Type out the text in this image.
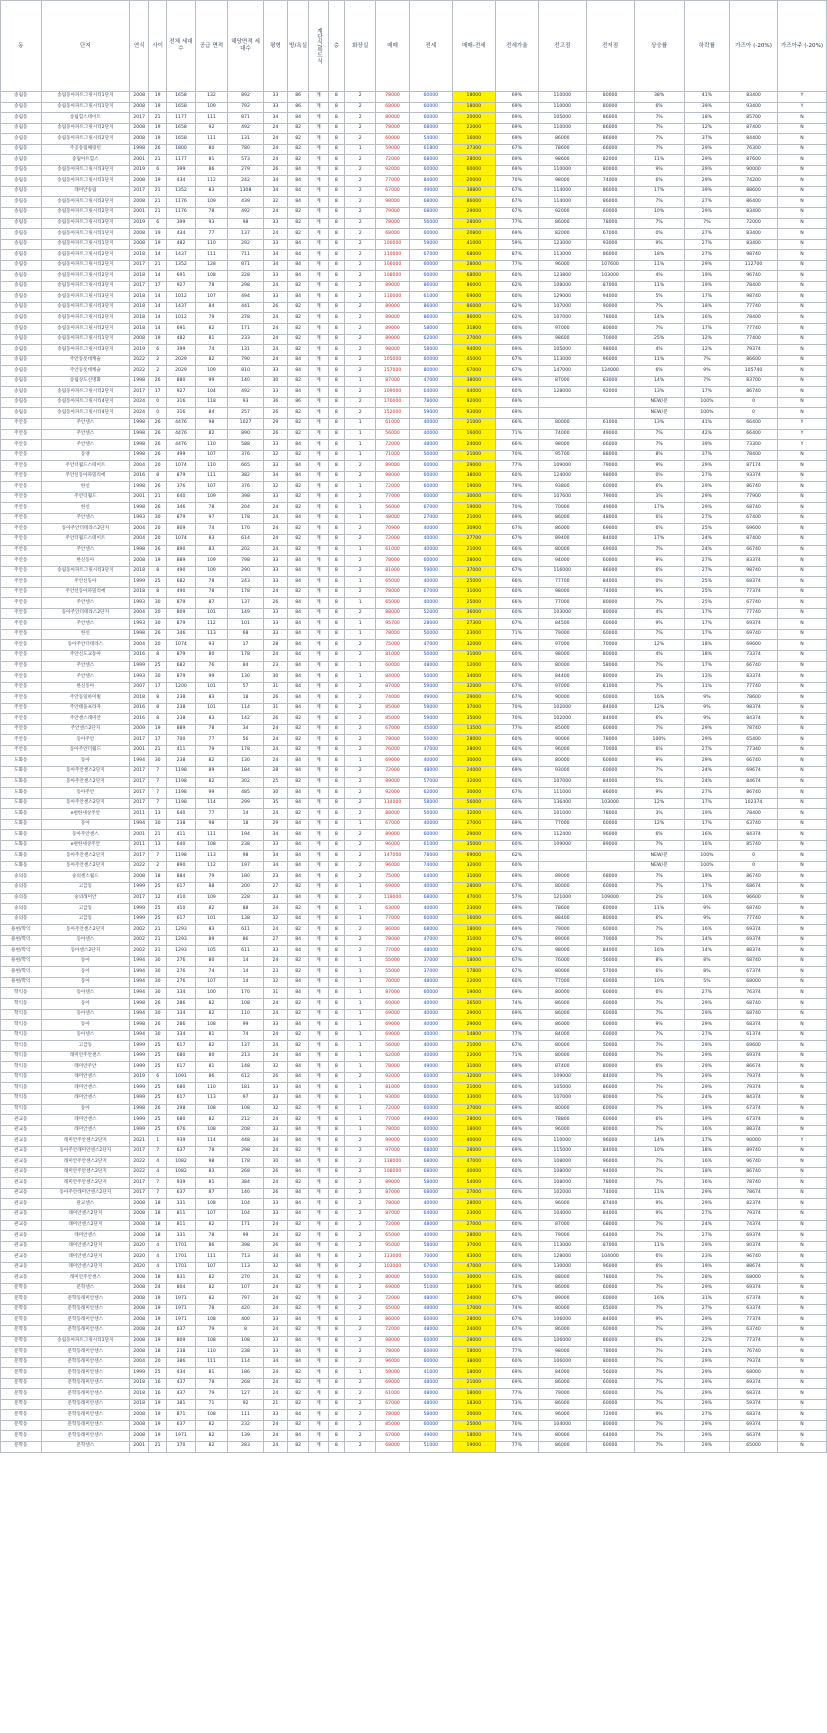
동	단지	연식	사이	전체 세대수	공급 면적	해당면적 세대수	평형	방/욕실	계단식/복도식	층	화장실	매매	전세	매매-전세	전세가율	전고점	전저점	상승률	하락률	가즈아 (-20%)	가즈아주 (-20%)
송림동	송림동아파트그릿시티1단지	2008	19	1658	132	892	33	86	계	8	2	78000	60000	18000	69%	110000	80000	38%	41%	83400	Y
송림동	송림동아파트그릿시티1단지	2008	19	1658	109	792	33	86	계	8	2	68000	60000	18000	69%	110000	80000	6%	39%	93400	Y
송림동	송림힐스테이트	2017	21	1177	111	871	34	84	계	8	2	80000	60000	20000	69%	105000	86000	7%	18%	85700	N
송림동	송림동아파트그릿시티2단지	2008	19	1658	92	492	24	82	계	8	2	78000	68000	22000	69%	110000	86000	7%	12%	87400	N
송림동	송림동아파트그릿시티2단지	2008	19	1658	111	131	24	82	계	8	2	60000	54000	16000	69%	86000	86000	7%	37%	84400	N
송림동	주공송림해링턴	1998	26	1800	80	780	24	82	계	8	1	59000	61800	27300	67%	78600	66000	7%	29%	76300	N
송림동	송림아트힐스	2001	21	1177	81	573	24	82	계	8	2	72000	68000	28000	69%	98600	82000	11%	29%	87600	N
송림동	송림동아파트그릿시티3단지	2019	6	399	86	279	26	84	계	8	2	92000	60000	60000	69%	110000	80000	9%	29%	90000	N
송림동	송림동아파트그릿시티1단지	2008	19	434	112	242	34	84	계	8	2	77000	84000	20000	70%	98000	74000	6%	29%	74200	N
송림동	래미안송림	2017	21	1352	83	1308	34	84	계	8	2	67000	49000	38800	67%	114000	86000	17%	39%	88600	N
송림동	송림동아파트그릿시티2단지	2008	21	1176	109	439	32	84	계	8	2	98000	68000	86000	67%	114000	86000	7%	27%	86400	N
송림동	송림동아파트그릿시티2단지	2001	21	1176	78	492	24	82	계	8	2	79000	68000	29000	67%	92000	60000	10%	29%	83400	N
송림동	송림동아파트그릿시티3단지	2019	6	399	93	98	33	82	계	8	2	78000	56000	28000	77%	86000	78000	7%	7%	72000	N
송림동	송림동아파트그릿시티1단지	2008	19	434	77	137	24	82	계	8	2	68000	60000	20800	69%	82000	67000	0%	27%	83400	N
송림동	송림동아파트그릿시티1단지	2008	19	482	110	292	33	84	계	8	2	100000	59000	41000	59%	123000	93000	9%	27%	83400	N
송림동	송림동아파트그릿시티2단지	2018	14	1437	111	711	34	84	계	8	2	110000	67000	68000	87%	113000	86000	18%	27%	98740	N
송림동	송림동아파트그릿시티2단지	2017	21	1352	128	871	34	84	계	8	2	106000	60000	28000	77%	96000	107600	11%	29%	112700	N
송림동	송림동아파트그릿시티2단지	2018	14	691	108	228	33	84	계	8	2	108000	60000	68000	60%	123800	103000	4%	19%	96740	N
송림동	송림동아파트그릿시티3단지	2017	17	927	78	298	24	82	계	8	2	89000	86000	86000	62%	108000	87000	11%	19%	78400	N
송림동	송림동아파트그릿시티3단지	2018	14	1012	107	494	33	84	계	8	2	110000	61000	69000	60%	129000	94000	5%	17%	98740	N
송림동	송림동아파트그릿시티3단지	2018	14	1437	84	441	26	82	계	8	2	89000	86000	86000	62%	107000	90000	7%	18%	77740	N
송림동	송림동아파트그릿시티2단지	2018	14	1012	79	278	24	82	계	8	2	89000	86000	86000	62%	107000	78000	14%	16%	78400	N
송림동	송림동아파트그릿시티2단지	2018	14	691	82	171	24	82	계	8	2	89000	58000	31800	60%	97000	80000	7%	17%	77740	N
송림동	송림동아파트그릿시티1단지	2008	19	482	81	233	24	82	계	8	2	89000	62000	27000	69%	98600	70000	25%	12%	77400	N
송림동	송림동아파트그릿시티3단지	2019	6	399	74	131	24	82	계	8	2	98000	58000	94000	69%	105000	98000	4%	12%	79374	N
송림동	주안동롯데캐슬	2022	2	2029	82	790	24	84	계	8	2	105000	60000	45000	67%	113000	96000	11%	7%	86600	N
송림동	주안동롯데캐슬	2022	2	2029	109	810	33	84	계	8	2	157000	80000	67000	67%	147000	124000	6%	9%	105740	N
송림동	송림상도신명화	1998	26	880	99	140	30	82	계	8	1	87000	47000	38000	69%	87000	83000	14%	7%	83700	N
송림동	송림동아파트그릿시티2단지	2017	17	927	104	492	33	84	계	8	2	109000	64000	44000	60%	128000	92000	13%	17%	86740	N
송림동	송림동아파트그릿시티4단지	2024	0	316	118	93	36	86	계	8	2	170000	78000	92000	69%			NEW/분	100%	0	N
송림동	송림동아파트그릿시티4단지	2024	0	316	84	257	26	82	계	8	2	152000	59000	93000	69%			NEW/분	100%	0	N
주안동	주안센스	1998	26	4476	98	1027	29	82	계	8	1	61000	40000	21000	66%	80000	61000	13%	41%	66400	Y
주안동	주안센스	1998	26	4476	82	890	26	82	계	8	1	56000	40000	16000	71%	74000	49000	7%	42%	66400	Y
주안동	주안센스	1998	26	4476	110	588	33	84	계	8	1	72000	48000	24000	66%	98000	66000	7%	39%	73300	Y
주안동	동양	1998	26	499	107	376	32	82	계	8	1	71000	50000	21000	70%	95700	88000	8%	37%	78400	N
주안동	주안더월드스테이트	2004	20	1074	110	665	33	84	계	8	2	89000	60000	29000	77%	109000	79000	9%	29%	87174	N
주안동	주안신동아파밀리에	2016	8	879	111	382	34	84	계	8	2	98000	60000	38000	60%	124000	98000	0%	27%	93374	N
주안동	한신	1998	26	376	107	376	32	82	계	8	1	72000	60000	19000	79%	93800	60000	6%	29%	86740	N
주안동	주안더월드	2001	21	640	109	398	33	82	계	8	2	77000	60000	30000	60%	107600	79000	3%	29%	77900	N
주안동	한신	1998	26	346	78	204	24	82	계	8	1	56000	67000	19000	70%	70000	49000	17%	29%	68740	N
주안동	주안센스	1993	30	879	97	178	24	84	계	8	1	48000	27000	21000	69%	86000	48000	6%	27%	67400	N
주안동	동아주안더테라스2단지	2004	20	809	74	170	24	82	계	8	2	70900	40000	30900	67%	86000	69000	6%	25%	69600	N
주안동	주안더월드스테이트	2004	20	1074	83	614	24	82	계	8	2	72000	40000	27700	67%	89400	84000	17%	24%	87400	N
주안동	주안센스	1998	26	890	83	202	24	82	계	8	1	61000	40000	21000	66%	80000	69000	7%	24%	66740	N
주안동	한신동아	2008	19	889	109	798	33	84	계	8	2	78000	60000	28000	60%	94000	60000	9%	27%	83374	N
주안동	송림동아파트그릿시티3단지	2018	8	490	109	290	33	84	계	8	2	81000	59000	37000	67%	116000	86000	6%	27%	98740	N
주안동	주안신동아	1999	25	682	78	243	33	84	계	8	1	65000	40000	25000	66%	77700	84000	0%	25%	68374	N
주안동	주안신동아파밀리에	2018	8	490	78	178	24	82	계	8	2	78000	67000	31000	60%	98000	74000	9%	25%	77374	N
주안동	주안센스	1993	30	879	87	137	26	84	계	8	1	65000	40000	25000	66%	77000	80000	7%	25%	67740	N
주안동	동아주안더테라스2단지	2004	20	809	101	149	33	84	계	8	2	88000	52000	36000	60%	103000	80000	4%	17%	77740	N
주안동	주안센스	1993	30	879	112	101	33	84	계	8	1	95700	28000	27300	67%	84500	60000	9%	17%	69374	N
주안동	한신	1998	26	346	113	68	33	84	계	8	1	78000	50000	23000	71%	79000	60000	7%	17%	69740	N
주안동	동아주안더테라스	2004	20	1074	93	17	28	84	계	8	2	75000	47000	32000	69%	97000	70000	12%	18%	69600	N
주안동	주안신도교동아	2016	8	879	80	178	24	84	계	8	2	81000	50000	31000	60%	98000	80000	4%	18%	73374	N
주안동	주안센스	1999	25	682	76	84	23	84	계	8	1	60000	48000	12000	60%	80000	58000	7%	17%	66740	N
주안동	주안센스	1993	30	879	99	130	30	84	계	8	1	84000	50000	34000	60%	84400	80000	3%	13%	83374	N
주안동	한신동아	2007	17	1200	101	57	31	84	계	8	2	87000	59000	32000	67%	97000	81000	7%	11%	77740	N
주안동	주안동일하이빌	2018	8	238	83	18	26	84	계	8	2	74000	49000	29000	67%	90000	60000	16%	9%	78600	N
주안동	주안태을프라자	2016	8	238	101	114	31	84	계	8	2	85000	59000	37000	70%	102000	84000	12%	9%	98374	N
주안동	주안센스래미안	2016	8	238	83	142	26	82	계	8	2	85000	59000	35000	70%	102000	84000	6%	9%	84374	N
주안동	주안센스2단지	2009	19	889	78	34	24	82	계	8	2	67000	45000	13500	77%	85000	60000	7%	29%	78740	N
주안동	동아주안	2017	17	700	77	56	24	82	계	8	2	78000	50000	28000	60%	90000	78000	100%	29%	65400	N
주안동	동아주안더월드	2001	21	411	79	178	24	82	계	8	2	76000	47000	28000	60%	96000	70000	6%	27%	77340	N
도화동	동아	1994	30	238	82	130	24	84	계	8	1	69000	40000	30000	69%	80000	60000	9%	29%	66740	N
도화동	동아주안센스2단지	2017	7	1198	89	184	28	84	계	8	2	72000	48000	24000	69%	93000	60000	7%	24%	69674	N
도화동	동아주안센스2단지	2017	7	1198	82	302	25	82	계	8	2	89000	57000	32000	60%	107000	84000	5%	24%	84674	N
도화동	동아주안	2017	7	1198	99	485	30	84	계	8	2	92000	62000	30000	67%	111000	86000	9%	27%	86740	N
도화동	동아주안센스2단지	2017	7	1198	114	299	35	84	계	8	2	114000	58000	56000	60%	136400	103000	12%	17%	102374	N
도화동	e편한세상주안	2011	13	640	77	14	24	82	계	8	2	88000	50000	32000	60%	101000	78000	3%	19%	78400	N
도화동	동아	1994	30	238	98	18	29	84	계	8	1	67000	40000	27000	69%	77000	60000	12%	17%	63740	N
도화동	동아주안센스	2001	21	411	111	194	34	84	계	8	2	89000	60000	29000	60%	112400	96000	6%	16%	84374	N
도화동	e편한세상주안	2011	13	640	108	238	33	84	계	8	2	96000	61000	35000	60%	109000	89000	7%	16%	85740	N
도화동	동아주안센스2단지	2017	7	1198	113	98	34	84	계	8	2	147000	78000	69000	62%			NEW/분	100%	0	N
도화동	동아주안센스2단지	2022	2	890	112	197	34	84	계	8	2	96000	74000	32000	60%			NEW/분	100%	0	N
숭의동	숭의센스월드	2008	18	884	79	180	23	84	계	8	2	75000	64000	31000	69%	89000	68000	7%	19%	86740	N
숭의동	고급동	1999	25	617	88	200	27	82	계	8	1	69000	40000	28000	67%	80000	60000	7%	17%	68674	N
숭의동	숭의래미안	2017	12	410	109	228	33	84	계	8	2	119000	68000	47000	57%	121000	109000	2%	16%	96600	N
숭의동	고급동	1999	25	410	82	88	24	82	계	8	1	63000	40000	23000	69%	78600	60000	11%	9%	68740	N
숭의동	고급동	1999	25	617	101	138	32	84	계	8	1	77000	60000	16000	60%	88400	80000	6%	9%	77740	N
용현/학익	동아주안센스2단지	2002	21	1293	83	611	24	82	계	8	2	86000	68000	18000	69%	79000	60000	7%	16%	69374	N
용현/학익	동아센스	2002	21	1293	89	86	27	84	계	8	2	78000	47000	31000	67%	89000	70000	7%	14%	69374	N
용현/학익	동아센스2단지	2002	21	1293	105	611	33	84	계	8	2	77000	48000	29000	67%	98000	84000	16%	14%	88374	N
용현/학익	동아	1994	30	276	80	14	24	82	계	8	1	55000	37000	18000	67%	76000	56000	8%	8%	68740	N
용현/학익	동아	1994	30	276	74	14	23	82	계	8	1	55000	37000	17800	67%	80000	57000	6%	8%	67374	N
용현/학익	동아	1994	30	276	107	14	32	84	계	8	1	70000	48000	22000	60%	77000	60000	10%	5%	68000	N
학익동	동아센스	1994	30	334	100	170	31	84	계	8	1	87000	60000	19000	69%	80000	60000	6%	27%	76374	N
학익동	동아	1998	26	286	82	108	24	82	계	8	1	60000	40000	26500	74%	86000	60000	7%	29%	68740	N
학익동	동아센스	1994	30	334	82	110	24	82	계	8	1	69000	40000	29000	69%	86000	60000	7%	29%	68740	N
학익동	동아	1998	26	286	108	99	33	84	계	8	1	69000	40000	29000	69%	86000	60000	9%	29%	68374	N
학익동	동아센스	1994	30	334	81	74	24	82	계	8	1	69000	40000	14800	77%	84000	60000	7%	27%	61374	N
학익동	고급동	1999	25	617	82	137	24	82	계	8	1	56000	40000	21000	67%	80000	50000	7%	29%	69600	N
학익동	래미안주안센스	1999	25	680	80	213	24	84	계	8	1	62000	40000	22000	71%	80000	60000	7%	29%	69374	N
학익동	래미안주안	1999	25	617	81	148	32	84	계	8	1	78000	49000	31000	69%	87400	80000	6%	29%	86674	N
학익동	래미안센스	2019	6	1091	86	612	26	84	계	8	2	92000	60000	32000	69%	109000	84000	7%	29%	79374	N
학익동	래미안센스	1999	25	680	110	181	33	84	계	8	1	81000	60000	21000	60%	105000	86000	7%	29%	79374	N
학익동	래미안센스	1999	25	617	113	97	33	84	계	8	1	93000	60000	33000	60%	107000	80000	7%	24%	84374	N
학익동	동아	1998	26	298	108	108	32	82	계	8	1	72000	60000	27000	69%	80000	60000	7%	19%	67374	N
관교동	래미안센스	1999	25	680	82	212	24	82	계	8	1	77000	49000	28000	60%	78800	60000	6%	19%	67374	N
관교동	래미안센스	1999	25	676	108	208	33	84	계	8	1	78000	60000	18000	69%	96000	80000	7%	16%	88374	N
관교동	래미안주안센스2단지	2021	1	939	114	448	34	84	계	8	2	99000	60000	40000	60%	110000	96000	14%	17%	90000	Y
관교동	동아주안래미안센스2단지	2017	7	637	78	298	24	82	계	8	2	97000	68000	28000	69%	115000	84000	10%	18%	89740	N
관교동	래미안주안센스2단지	2022	4	1082	98	178	30	84	계	8	2	118000	68000	47000	60%	108000	96000	7%	16%	96740	N
관교동	래미안주안센스2단지	2022	4	1082	83	268	26	84	계	8	2	108000	68000	40000	60%	108000	94000	7%	18%	86740	N
관교동	래미안주안센스2단지	2017	7	939	81	384	24	82	계	8	2	89000	58000	54000	60%	108000	78000	7%	16%	78740	N
관교동	동아주안래미안센스2단지	2017	7	637	87	140	26	84	계	8	2	87000	68000	27000	60%	102000	74000	11%	29%	78674	N
관교동	관교센스	2008	18	331	108	104	33	84	계	8	2	78000	40000	28000	60%	96000	87400	9%	29%	82374	N
관교동	래미안센스2단지	2008	18	811	107	104	33	84	계	8	2	87000	64000	23000	60%	104000	84000	9%	27%	79374	N
관교동	래미안센스2단지	2008	18	811	82	171	24	82	계	8	2	72000	48000	27000	60%	87000	68000	7%	24%	74374	N
관교동	래미안센스	2008	18	331	78	99	24	82	계	8	2	65000	40000	28000	60%	79000	64000	7%	27%	69374	N
관교동	래미안센스2단지	2020	4	1701	86	398	26	84	계	8	2	95000	58000	37000	60%	113000	87000	11%	29%	90374	N
관교동	래미안센스2단지	2020	4	1701	111	713	34	84	계	8	2	113000	70000	43000	60%	128000	104000	6%	23%	96740	N
관교동	래미안센스2단지	2020	4	1701	107	113	32	84	계	8	2	103000	67000	47000	60%	130000	96000	6%	19%	88674	N
관교동	래미안주안센스	2008	18	831	82	270	24	82	계	8	2	80000	50000	30000	63%	88000	78000	7%	28%	68000	N
문학동	문학센스	2008	24	804	82	107	24	82	계	8	2	69000	51000	18000	74%	86000	60000	7%	29%	69374	N
문학동	문학동래미안센스	2008	19	1971	82	797	24	82	계	8	2	72000	48000	24000	67%	89000	60000	16%	31%	67374	N
문학동	문학동래미안센스	2008	19	1971	78	420	24	82	계	8	2	65000	48000	17000	74%	80000	65000	7%	27%	63374	N
문학동	문학동래미안센스	2008	19	1971	108	400	33	84	계	8	2	86000	60000	28000	67%	106000	84000	9%	29%	77374	N
문학동	문학동래미안센스	2008	24	637	79	8	24	82	계	8	2	72000	48000	24000	67%	86000	60000	7%	29%	63740	N
문학동	송림동아파트그릿시티1단지	2008	19	809	108	108	33	84	계	8	2	98000	60000	28000	60%	106000	86000	6%	22%	77374	N
문학동	문학동래미안센스	2008	18	238	110	238	33	84	계	8	2	78000	60000	18000	77%	98000	78000	7%	24%	76740	N
문학동	문학동래미안센스	2004	20	386	111	114	34	84	계	8	2	96000	60000	38000	60%	106000	80000	7%	29%	79374	N
문학동	문학동래미안센스	1999	25	434	81	186	24	82	계	8	1	59000	41000	18000	69%	84000	56000	7%	29%	68000	N
문학동	문학동래미안센스	2018	16	437	78	268	24	82	계	8	2	69000	48000	21000	69%	86000	60000	7%	29%	69374	N
문학동	문학동래미안센스	2018	16	437	79	127	24	82	계	8	2	61000	48000	18000	77%	79000	60000	7%	29%	68374	N
문학동	문학동래미안센스	2018	19	381	71	92	21	82	계	8	2	67000	48000	18300	73%	86000	60000	7%	29%	59374	N
문학동	문학동래미안센스	2008	19	871	108	111	33	84	계	8	2	78000	58000	20000	74%	96000	72000	9%	27%	68374	N
문학동	문학동래미안센스	2008	19	637	82	232	24	82	계	8	2	85000	60000	25000	70%	104000	80000	7%	29%	69374	N
문학동	문학동래미안센스	2008	19	1971	82	139	24	84	계	8	2	67000	49000	18000	74%	80000	64000	7%	29%	66374	N
문학동	문학센스	2001	21	370	82	283	24	82	계	8	2	68000	51000	19000	77%	86000	60000	7%	29%	65000	N
